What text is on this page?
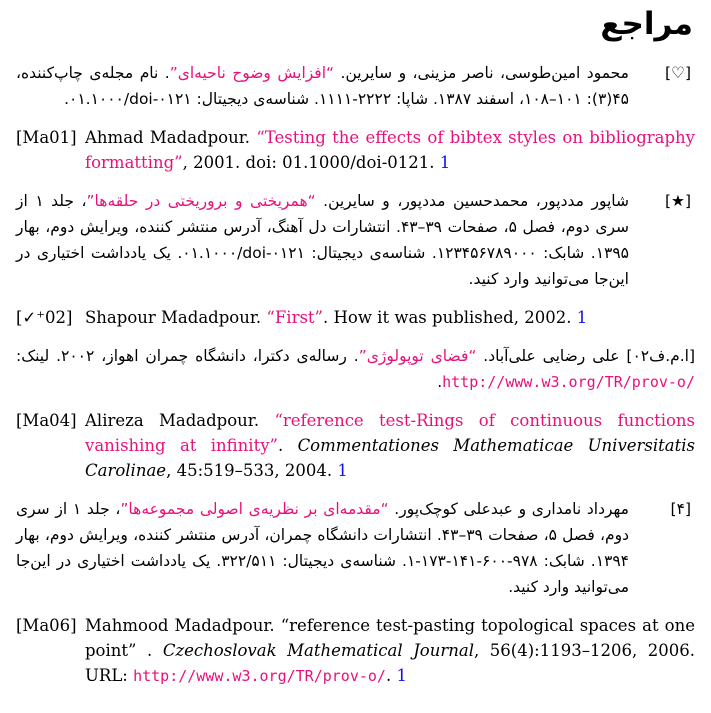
مراجع
[♡]
محمود امین‌طوسی، ناصر مزینی، و سایرین. “افزایش وضوح ناحیه‌ای”. نام مجله‌ی چاپ‌کننده، ۴۵(۳): ۱۰۱–۱۰۸، اسفند ۱۳۸۷. شاپا: ۲۲۲۲-۱۱۱۱. شناسه‌ی دیجیتال: ۰۱.۱۰۰۰/doi-۰۱۲۱.
[Ma01] Ahmad Madadpour. “Testing the effects of bibtex styles on bibliography formatting”, 2001. doi: 01.1000/doi-0121. 1
[★]
شاپور مددپور، محمدحسین مددپور، و سایرین. “همریختی و بروریختی در حلقه‌ها”، جلد ۱ از سری دوم، فصل ۵، صفحات ۳۹–۴۳. انتشارات دل آهنگ، آدرس منتشر کننده، ویرایش دوم، بهار ۱۳۹۵. شابک: ۱۲۳۴۵۶۷۸۹۰۰۰. شناسه‌ی دیجیتال: ۰۱.۱۰۰۰/doi-۰۱۲۱. یک یادداشت اختیاری در این‌جا می‌توانید وارد کنید.
[✓⁺02] Shapour Madadpour. “First”. How it was published, 2002. 1
[ا.م.ف۰۲] علی رضایی علی‌آباد. “فضای توپولوژی”. رساله‌ی دکترا، دانشگاه چمران اهواز، ۲۰۰۲. لینک: http://www.w3.org/TR/prov-o/.
[Ma04] Alireza Madadpour. “reference test-Rings of continuous functions vanishing at infinity”. Commentationes Mathematicae Universitatis Carolinae, 45:519–533, 2004. 1
[۴]
مهرداد نامداری و عبدعلی کوچک‌پور. “مقدمه‌ای بر نظریه‌ی اصولی مجموعه‌ها”، جلد ۱ از سری دوم، فصل ۵، صفحات ۳۹–۴۳. انتشارات دانشگاه چمران، آدرس منتشر کننده، ویرایش دوم، بهار ۱۳۹۴. شابک: ۹۷۸-۶۰۰-۱۴۱-۱۷۳-۱. شناسه‌ی دیجیتال: ۳۲۲/۵۱۱. یک یادداشت اختیاری در این‌جا می‌توانید وارد کنید.
[Ma06] Mahmood Madadpour. “reference test-pasting topological spaces at one point” . Czechoslovak Mathematical Journal, 56(4):1193–1206, 2006. URL: http://www.w3.org/TR/prov-o/. 1
